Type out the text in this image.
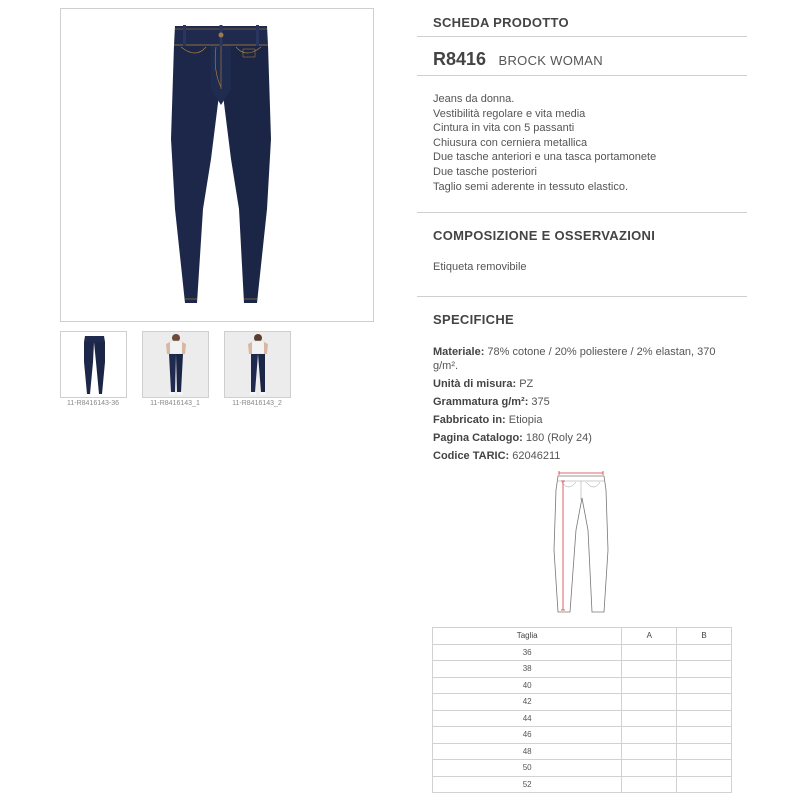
11-R8416143-36	11-R8416143_1	11-R8416143_2
SCHEDA PRODOTTO
R8416 BROCK WOMAN
Jeans da donna.
Vestibilità regolare e vita media
Cintura in vita con 5 passanti
Chiusura con cerniera metallica
Due tasche anteriori e una tasca portamonete
Due tasche posteriori
Taglio semi aderente in tessuto elastico.
COMPOSIZIONE E OSSERVAZIONI
Etiqueta removibile
SPECIFICHE
Materiale: 78% cotone / 20% poliestere / 2% elastan, 370 g/m².
Unità di misura: PZ
Grammatura g/m²: 375
Fabbricato in: Etiopia
Pagina Catalogo: 180 (Roly 24)
Codice TARIC: 62046211
Taglia	A	B
36		
38		
40		
42		
44		
46		
48		
50		
52		
